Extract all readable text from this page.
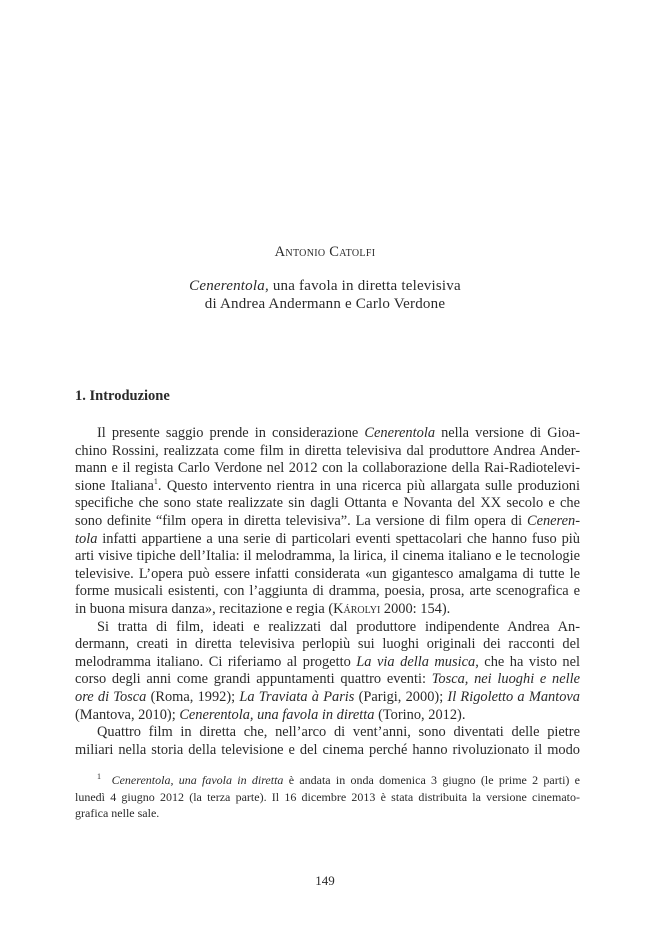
Antonio Catolfi
Cenerentola, una favola in diretta televisiva
di Andrea Andermann e Carlo Verdone
1. Introduzione
Il presente saggio prende in considerazione Cenerentola nella versione di Gioa-
chino Rossini, realizzata come film in diretta televisiva dal produttore Andrea Ander-
mann e il regista Carlo Verdone nel 2012 con la collaborazione della Rai-Radiotelevi-
sione Italiana$^1$. Questo intervento rientra in una ricerca più allargata sulle produzioni
specifiche che sono state realizzate sin dagli Ottanta e Novanta del XX secolo e che
sono definite “film opera in diretta televisiva”. La versione di film opera di Ceneren-
tola infatti appartiene a una serie di particolari eventi spettacolari che hanno fuso più
arti visive tipiche dell’Italia: il melodramma, la lirica, il cinema italiano e le tecnologie
televisive. L’opera può essere infatti considerata «un gigantesco amalgama di tutte le
forme musicali esistenti, con l’aggiunta di dramma, poesia, prosa, arte scenografica e
in buona misura danza», recitazione e regia (Károlyi 2000: 154).
Si tratta di film, ideati e realizzati dal produttore indipendente Andrea An-
dermann, creati in diretta televisiva perlopiù sui luoghi originali dei racconti del
melodramma italiano. Ci riferiamo al progetto La via della musica, che ha visto nel
corso degli anni come grandi appuntamenti quattro eventi: Tosca, nei luoghi e nelle
ore di Tosca (Roma, 1992); La Traviata à Paris (Parigi, 2000); Il Rigoletto a Mantova
(Mantova, 2010); Cenerentola, una favola in diretta (Torino, 2012).
Quattro film in diretta che, nell’arco di vent’anni, sono diventati delle pietre
miliari nella storia della televisione e del cinema perché hanno rivoluzionato il modo
$^1$ Cenerentola, una favola in diretta è andata in onda domenica 3 giugno (le prime 2 parti) e
lunedì 4 giugno 2012 (la terza parte). Il 16 dicembre 2013 è stata distribuita la versione cinemato-
grafica nelle sale.
149
